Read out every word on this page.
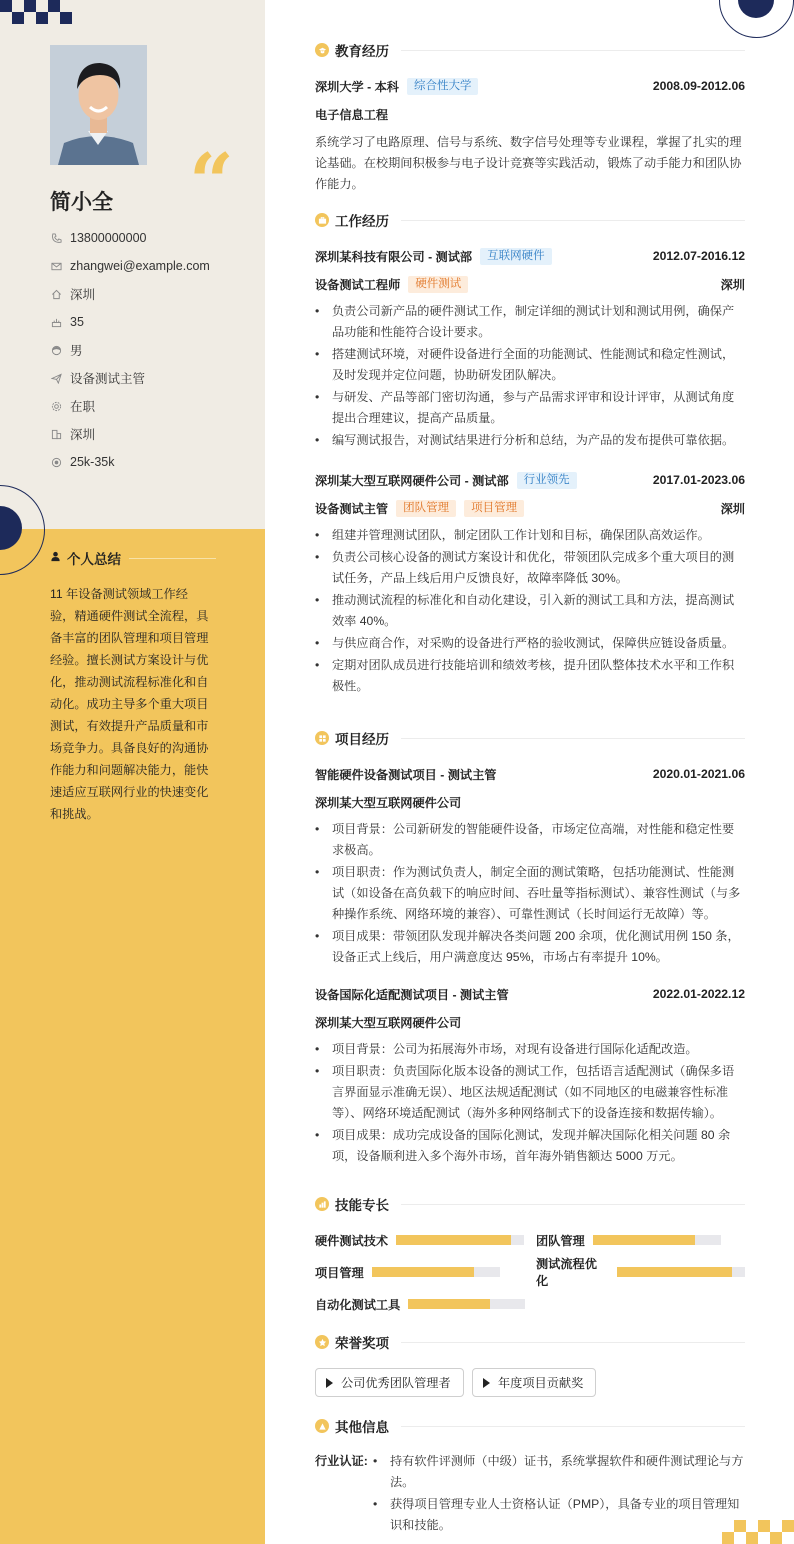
“
简小全
13800000000
zhangwei@example.com
深圳
35
男
设备测试主管
在职
深圳
25k-35k
个人总结
11 年设备测试领域工作经验，精通硬件测试全流程，具备丰富的团队管理和项目管理经验。擅长测试方案设计与优化，推动测试流程标准化和自动化。成功主导多个重大项目测试，有效提升产品质量和市场竞争力。具备良好的沟通协作能力和问题解决能力，能快速适应互联网行业的快速变化和挑战。
教育经历
深圳大学 - 本科	综合性大学	2008.09-2012.06
电子信息工程
系统学习了电路原理、信号与系统、数字信号处理等专业课程，掌握了扎实的理论基础。在校期间积极参与电子设计竞赛等实践活动，锻炼了动手能力和团队协作能力。
工作经历
深圳某科技有限公司 - 测试部	互联网硬件	2012.07-2016.12
设备测试工程师	硬件测试	深圳
• 负责公司新产品的硬件测试工作，制定详细的测试计划和测试用例，确保产品功能和性能符合设计要求。
• 搭建测试环境，对硬件设备进行全面的功能测试、性能测试和稳定性测试，及时发现并定位问题，协助研发团队解决。
• 与研发、产品等部门密切沟通，参与产品需求评审和设计评审，从测试角度提出合理建议，提高产品质量。
• 编写测试报告，对测试结果进行分析和总结，为产品的发布提供可靠依据。
深圳某大型互联网硬件公司 - 测试部	行业领先	2017.01-2023.06
设备测试主管	团队管理	项目管理	深圳
• 组建并管理测试团队，制定团队工作计划和目标，确保团队高效运作。
• 负责公司核心设备的测试方案设计和优化，带领团队完成多个重大项目的测试任务，产品上线后用户反馈良好，故障率降低 30%。
• 推动测试流程的标准化和自动化建设，引入新的测试工具和方法，提高测试效率 40%。
• 与供应商合作，对采购的设备进行严格的验收测试，保障供应链设备质量。
• 定期对团队成员进行技能培训和绩效考核，提升团队整体技术水平和工作积极性。
项目经历
智能硬件设备测试项目 - 测试主管	2020.01-2021.06
深圳某大型互联网硬件公司
• 项目背景：公司新研发的智能硬件设备，市场定位高端，对性能和稳定性要求极高。
• 项目职责：作为测试负责人，制定全面的测试策略，包括功能测试、性能测试（如设备在高负载下的响应时间、吞吐量等指标测试）、兼容性测试（与多种操作系统、网络环境的兼容）、可靠性测试（长时间运行无故障）等。
• 项目成果：带领团队发现并解决各类问题 200 余项，优化测试用例 150 条，设备正式上线后，用户满意度达 95%，市场占有率提升 10%。
设备国际化适配测试项目 - 测试主管	2022.01-2022.12
深圳某大型互联网硬件公司
• 项目背景：公司为拓展海外市场，对现有设备进行国际化适配改造。
• 项目职责：负责国际化版本设备的测试工作，包括语言适配测试（确保多语言界面显示准确无误）、地区法规适配测试（如不同地区的电磁兼容性标准等）、网络环境适配测试（海外多种网络制式下的设备连接和数据传输）。
• 项目成果：成功完成设备的国际化测试，发现并解决国际化相关问题 80 余项，设备顺利进入多个海外市场，首年海外销售额达 5000 万元。
技能专长
硬件测试技术	团队管理
项目管理
测试流程优化
自动化测试工具
荣誉奖项
公司优秀团队管理者	年度项目贡献奖
其他信息
行业认证:
•	持有软件评测师（中级）证书，系统掌握软件和硬件测试理论与方法。
• 获得项目管理专业人士资格认证（PMP），具备专业的项目管理知识和技能。
